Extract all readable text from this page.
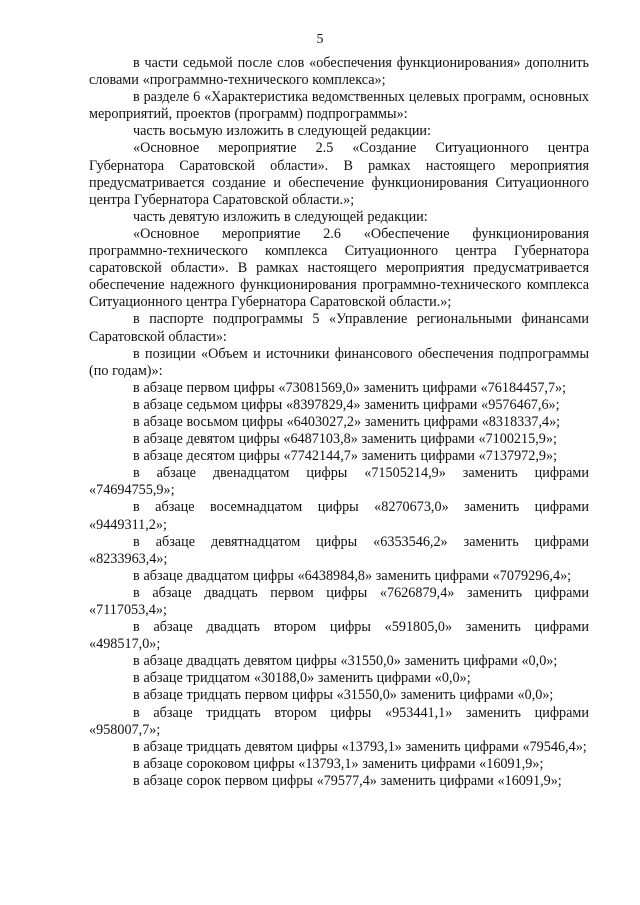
5

в части седьмой после слов «обеспечения функционирования» дополнить словами «программно-технического комплекса»;

в разделе 6 «Характеристика ведомственных целевых программ, основных мероприятий, проектов (программ) подпрограммы»:

часть восьмую изложить в следующей редакции:

«Основное мероприятие 2.5 «Создание Ситуационного центра Губернатора Саратовской области». В рамках настоящего мероприятия предусматривается создание и обеспечение функционирования Ситуационного центра Губернатора Саратовской области.»;

часть девятую изложить в следующей редакции:

«Основное мероприятие 2.6 «Обеспечение функционирования программно-технического комплекса Ситуационного центра Губернатора саратовской области». В рамках настоящего мероприятия предусматривается обеспечение надежного функционирования программно-технического комплекса Ситуационного центра Губернатора Саратовской области.»;

в паспорте подпрограммы 5 «Управление региональными финансами Саратовской области»:

в позиции «Объем и источники финансового обеспечения подпрограммы (по годам)»:

в абзаце первом цифры «73081569,0» заменить цифрами «76184457,7»;

в абзаце седьмом цифры «8397829,4» заменить цифрами «9576467,6»;

в абзаце восьмом цифры «6403027,2» заменить цифрами «8318337,4»;

в абзаце девятом цифры «6487103,8» заменить цифрами «7100215,9»;

в абзаце десятом цифры «7742144,7» заменить цифрами «7137972,9»;

в абзаце двенадцатом цифры «71505214,9» заменить цифрами «74694755,9»;

в абзаце восемнадцатом цифры «8270673,0» заменить цифрами «9449311,2»;

в абзаце девятнадцатом цифры «6353546,2» заменить цифрами «8233963,4»;

в абзаце двадцатом цифры «6438984,8» заменить цифрами «7079296,4»;

в абзаце двадцать первом цифры «7626879,4» заменить цифрами «7117053,4»;

в абзаце двадцать втором цифры «591805,0» заменить цифрами «498517,0»;

в абзаце двадцать девятом цифры «31550,0» заменить цифрами «0,0»;

в абзаце тридцатом «30188,0» заменить цифрами «0,0»;

в абзаце тридцать первом цифры «31550,0» заменить цифрами «0,0»;

в абзаце тридцать втором цифры «953441,1» заменить цифрами «958007,7»;

в абзаце тридцать девятом цифры «13793,1» заменить цифрами «79546,4»;

в абзаце сороковом цифры «13793,1» заменить цифрами «16091,9»;

в абзаце сорок первом цифры «79577,4» заменить цифрами «16091,9»;
